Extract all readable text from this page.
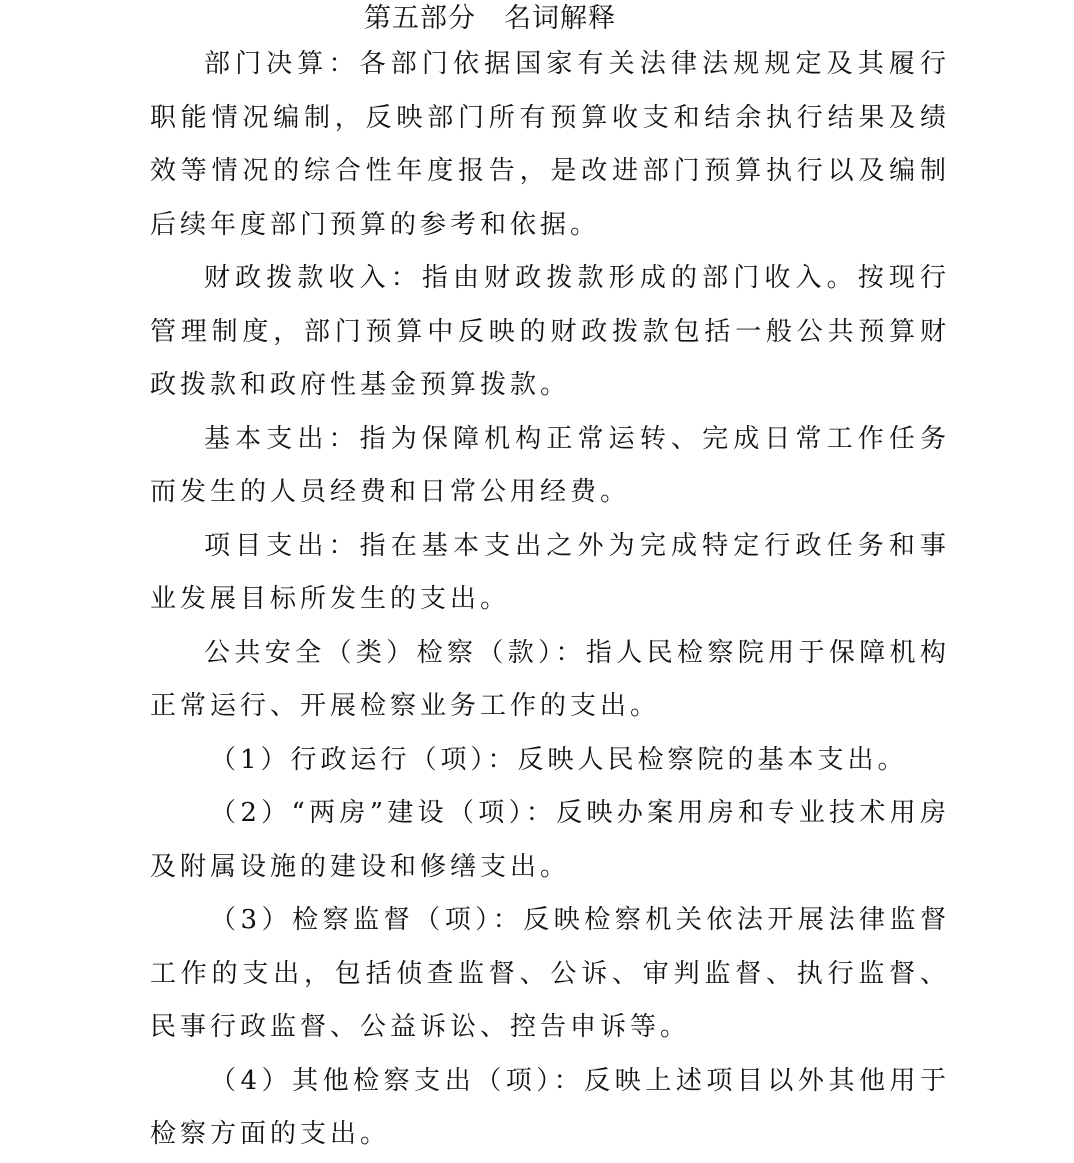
第五部分　名词解释

部门决算：各部门依据国家有关法律法规规定及其履行职能情况编制，反映部门所有预算收支和结余执行结果及绩效等情况的综合性年度报告，是改进部门预算执行以及编制后续年度部门预算的参考和依据。

财政拨款收入：指由财政拨款形成的部门收入。按现行管理制度，部门预算中反映的财政拨款包括一般公共预算财政拨款和政府性基金预算拨款。

基本支出：指为保障机构正常运转、完成日常工作任务而发生的人员经费和日常公用经费。

项目支出：指在基本支出之外为完成特定行政任务和事业发展目标所发生的支出。

公共安全（类）检察（款）：指人民检察院用于保障机构正常运行、开展检察业务工作的支出。

（1）行政运行（项）：反映人民检察院的基本支出。

（2）“两房”建设（项）：反映办案用房和专业技术用房及附属设施的建设和修缮支出。

（3）检察监督（项）：反映检察机关依法开展法律监督工作的支出，包括侦查监督、公诉、审判监督、执行监督、民事行政监督、公益诉讼、控告申诉等。

（4）其他检察支出（项）：反映上述项目以外其他用于检察方面的支出。
